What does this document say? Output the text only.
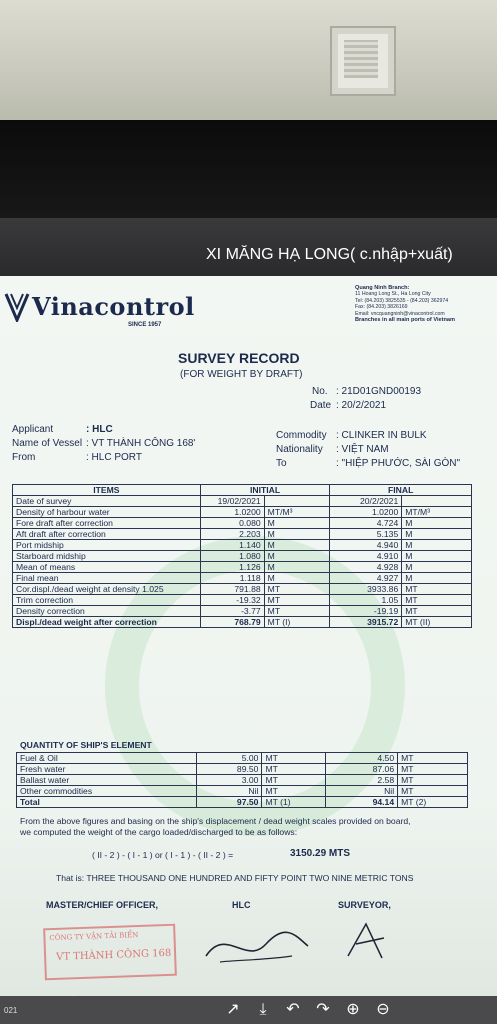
XI MĂNG HẠ LONG( c.nhập+xuất)
Vinacontrol
SINCE 1957
Quang Ninh Branch:
11 Hoang Long St., Ha Long City
Tel: (84.203) 3825535 - (84.203) 362974
Fax: (84.203) 3826169
Email: vncquangninh@vinacontrol.com
Branches in all main ports of Vietnam
SURVEY RECORD
(FOR WEIGHT BY DRAFT)
No. : 21D01GND00193
Date : 20/2/2021
Applicant	: HLC
Name of Vessel : VT THÀNH CÔNG 168'
From	: HLC PORT
Commodity : CLINKER IN BULK
Nationality : VIỆT NAM
To	: "HIỆP PHƯỚC, SÀI GÒN"
ITEMS	INITIAL		FINAL	
Date of survey	19/02/2021		20/2/2021	
Density of harbour water	1.0200	MT/M³	1.0200	MT/M³
Fore draft after correction	0.080	M	4.724	M
Aft draft after correction	2.203	M	5.135	M
Port midship	1.140	M	4.940	M
Starboard midship	1.080	M	4.910	M
Mean of means	1.126	M	4.928	M
Final mean	1.118	M	4.927	M
Cor.displ./dead weight at density 1.025	791.88	MT	3933.86	MT
Trim correction	-19.32	MT	1.05	MT
Density correction	-3.77	MT	-19.19	MT
Displ./dead weight after correction	768.79	MT (I)	3915.72	MT (II)
QUANTITY OF SHIP'S ELEMENT
Fuel & Oil	5.00	MT	4.50	MT
Fresh water	89.50	MT	87.06	MT
Ballast water	3.00	MT	2.58	MT
Other commodities	Nil	MT	Nil	MT
Total	97.50	MT (1)	94.14	MT (2)
From the above figures and basing on the ship's displacement / dead weight scales provided on board,
we computed the weight of the cargo loaded/discharged to be as follows:
( II - 2 ) - ( I - 1 ) or ( I - 1 ) - ( II - 2 ) =	3150.29 MTS
That is: THREE THOUSAND ONE HUNDRED AND FIFTY POINT TWO NINE METRIC TONS
MASTER/CHIEF OFFICER,	HLC	SURVEYOR,
CÔNG TY VẬN TẢI BIỂN
VT THÀNH CÔNG 168
021	↗	⤓	↶ ↷ ⊕ ⊖
